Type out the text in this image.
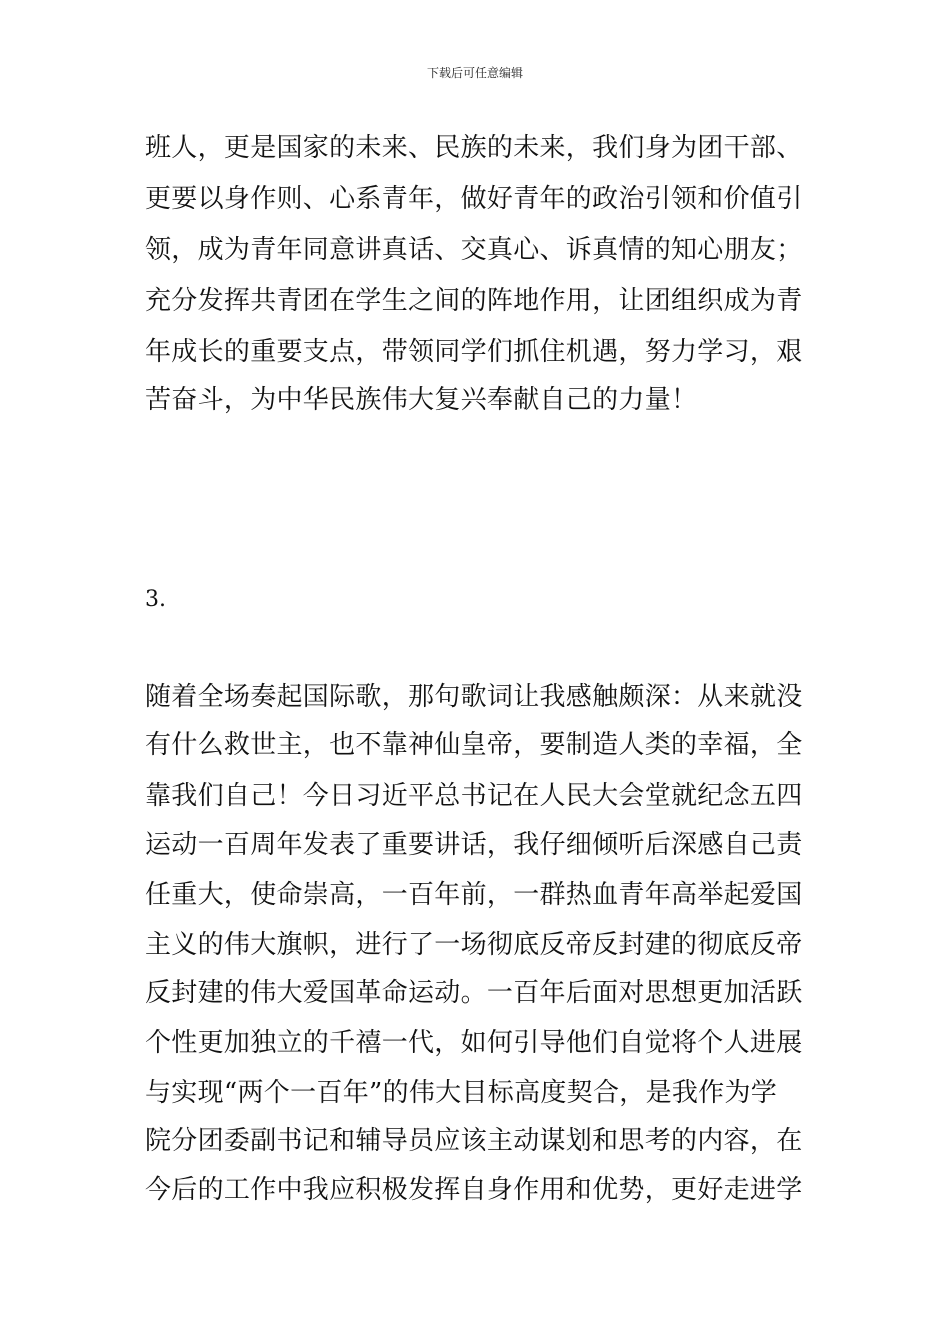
下载后可任意编辑
班人，更是国家的未来、民族的未来，我们身为团干部、
更要以身作则、心系青年，做好青年的政治引领和价值引
领，成为青年同意讲真话、交真心、诉真情的知心朋友；
充分发挥共青团在学生之间的阵地作用，让团组织成为青
年成长的重要支点，带领同学们抓住机遇，努力学习，艰
苦奋斗，为中华民族伟大复兴奉献自己的力量！
3.
随着全场奏起国际歌，那句歌词让我感触颇深：从来就没
有什么救世主，也不靠神仙皇帝，要制造人类的幸福，全
靠我们自己！今日习近平总书记在人民大会堂就纪念五四
运动一百周年发表了重要讲话，我仔细倾听后深感自己责
任重大，使命崇高，一百年前，一群热血青年高举起爱国
主义的伟大旗帜，进行了一场彻底反帝反封建的彻底反帝
反封建的伟大爱国革命运动。一百年后面对思想更加活跃
个性更加独立的千禧一代，如何引导他们自觉将个人进展
与实现“两个一百年”的伟大目标高度契合，是我作为学
院分团委副书记和辅导员应该主动谋划和思考的内容，在
今后的工作中我应积极发挥自身作用和优势，更好走进学
